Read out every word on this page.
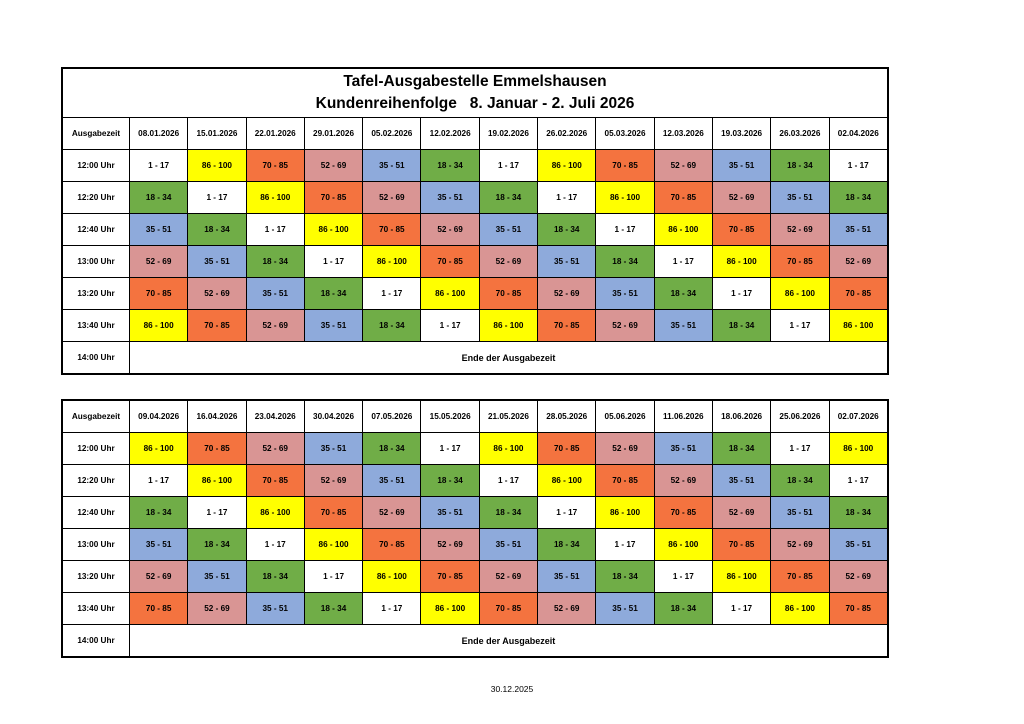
Tafel-Ausgabestelle Emmelshausen
Kundenreihenfolge   8. Januar - 2. Juli 2026													

Ausgabezeit	08.01.2026	15.01.2026	22.01.2026	29.01.2026	05.02.2026	12.02.2026	19.02.2026	26.02.2026	05.03.2026	12.03.2026	19.03.2026	26.03.2026	02.04.2026
12:00 Uhr	1 - 17	86 - 100	70 - 85	52 - 69	35 - 51	18 - 34	1 - 17	86 - 100	70 - 85	52 - 69	35 - 51	18 - 34	1 - 17
12:20 Uhr	18 - 34	1 - 17	86 - 100	70 - 85	52 - 69	35 - 51	18 - 34	1 - 17	86 - 100	70 - 85	52 - 69	35 - 51	18 - 34
12:40 Uhr	35 - 51	18 - 34	1 - 17	86 - 100	70 - 85	52 - 69	35 - 51	18 - 34	1 - 17	86 - 100	70 - 85	52 - 69	35 - 51
13:00 Uhr	52 - 69	35 - 51	18 - 34	1 - 17	86 - 100	70 - 85	52 - 69	35 - 51	18 - 34	1 - 17	86 - 100	70 - 85	52 - 69
13:20 Uhr	70 - 85	52 - 69	35 - 51	18 - 34	1 - 17	86 - 100	70 - 85	52 - 69	35 - 51	18 - 34	1 - 17	86 - 100	70 - 85
13:40 Uhr	86 - 100	70 - 85	52 - 69	35 - 51	18 - 34	1 - 17	86 - 100	70 - 85	52 - 69	35 - 51	18 - 34	1 - 17	86 - 100
14:00 Uhr	Ende der Ausgabezeit												
Ausgabezeit	09.04.2026	16.04.2026	23.04.2026	30.04.2026	07.05.2026	15.05.2026	21.05.2026	28.05.2026	05.06.2026	11.06.2026	18.06.2026	25.06.2026	02.07.2026
12:00 Uhr	86 - 100	70 - 85	52 - 69	35 - 51	18 - 34	1 - 17	86 - 100	70 - 85	52 - 69	35 - 51	18 - 34	1 - 17	86 - 100
12:20 Uhr	1 - 17	86 - 100	70 - 85	52 - 69	35 - 51	18 - 34	1 - 17	86 - 100	70 - 85	52 - 69	35 - 51	18 - 34	1 - 17
12:40 Uhr	18 - 34	1 - 17	86 - 100	70 - 85	52 - 69	35 - 51	18 - 34	1 - 17	86 - 100	70 - 85	52 - 69	35 - 51	18 - 34
13:00 Uhr	35 - 51	18 - 34	1 - 17	86 - 100	70 - 85	52 - 69	35 - 51	18 - 34	1 - 17	86 - 100	70 - 85	52 - 69	35 - 51
13:20 Uhr	52 - 69	35 - 51	18 - 34	1 - 17	86 - 100	70 - 85	52 - 69	35 - 51	18 - 34	1 - 17	86 - 100	70 - 85	52 - 69
13:40 Uhr	70 - 85	52 - 69	35 - 51	18 - 34	1 - 17	86 - 100	70 - 85	52 - 69	35 - 51	18 - 34	1 - 17	86 - 100	70 - 85
14:00 Uhr	Ende der Ausgabezeit												
30.12.2025
